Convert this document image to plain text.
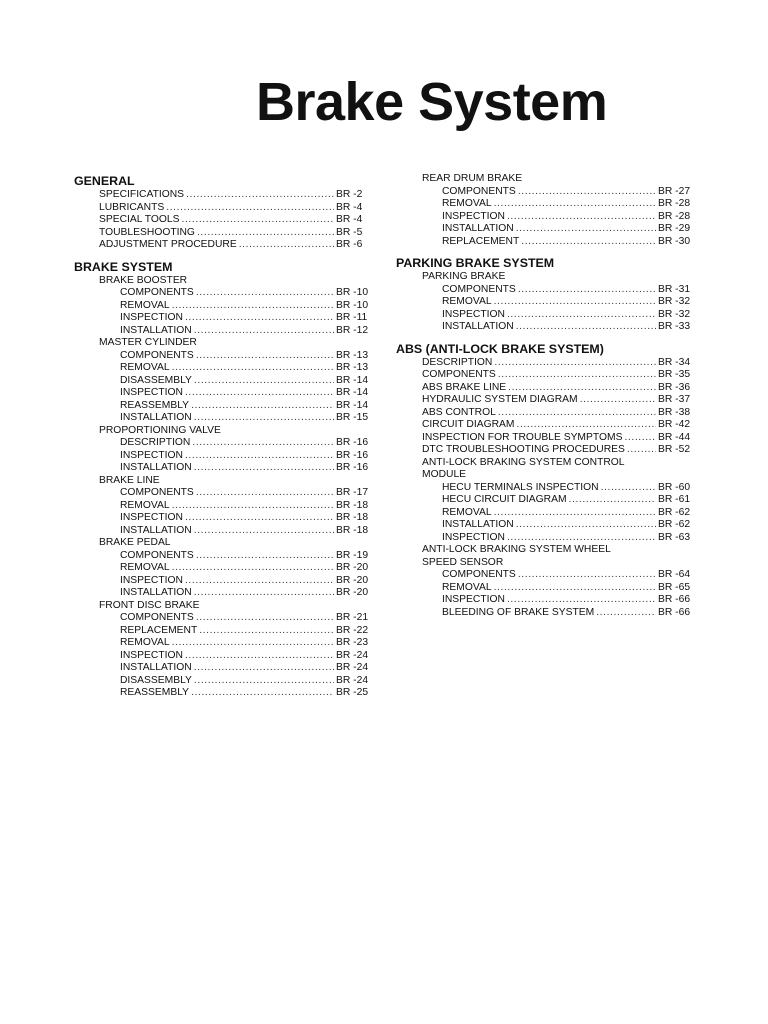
Brake System
GENERAL
SPECIFICATIONS .....	BR -2
LUBRICANTS .....	BR -4
SPECIAL TOOLS .....	BR -4
TOUBLESHOOTING .....	BR -5
ADJUSTMENT PROCEDURE .....	BR -6
BRAKE SYSTEM
BRAKE BOOSTER
COMPONENTS .....	BR -10
REMOVAL .....	BR -10
INSPECTION .....	BR -11
INSTALLATION .....	BR -12
MASTER CYLINDER
COMPONENTS .....	BR -13
REMOVAL .....	BR -13
DISASSEMBLY .....	BR -14
INSPECTION .....	BR -14
REASSEMBLY .....	BR -14
INSTALLATION .....	BR -15
PROPORTIONING VALVE
DESCRIPTION .....	BR -16
INSPECTION .....	BR -16
INSTALLATION .....	BR -16
BRAKE LINE
COMPONENTS .....	BR -17
REMOVAL .....	BR -18
INSPECTION .....	BR -18
INSTALLATION .....	BR -18
BRAKE PEDAL
COMPONENTS .....	BR -19
REMOVAL .....	BR -20
INSPECTION .....	BR -20
INSTALLATION .....	BR -20
FRONT DISC BRAKE
COMPONENTS .....	BR -21
REPLACEMENT .....	BR -22
REMOVAL .....	BR -23
INSPECTION .....	BR -24
INSTALLATION .....	BR -24
DISASSEMBLY .....	BR -24
REASSEMBLY .....	BR -25
REAR DRUM BRAKE
COMPONENTS .....	BR -27
REMOVAL .....	BR -28
INSPECTION .....	BR -28
INSTALLATION .....	BR -29
REPLACEMENT .....	BR -30
PARKING BRAKE SYSTEM
PARKING BRAKE
COMPONENTS .....	BR -31
REMOVAL .....	BR -32
INSPECTION .....	BR -32
INSTALLATION .....	BR -33
ABS (ANTI-LOCK BRAKE SYSTEM)
DESCRIPTION .....	BR -34
COMPONENTS .....	BR -35
ABS BRAKE LINE .....	BR -36
HYDRAULIC SYSTEM DIAGRAM .....	BR -37
ABS CONTROL .....	BR -38
CIRCUIT DIAGRAM .....	BR -42
INSPECTION FOR TROUBLE SYMPTOMS .....	BR -44
DTC TROUBLESHOOTING PROCEDURES .....	BR -52
ANTI-LOCK BRAKING SYSTEM CONTROL
MODULE
HECU TERMINALS INSPECTION .....	BR -60
HECU CIRCUIT DIAGRAM .....	BR -61
REMOVAL .....	BR -62
INSTALLATION .....	BR -62
INSPECTION .....	BR -63
ANTI-LOCK BRAKING SYSTEM WHEEL
SPEED SENSOR
COMPONENTS .....	BR -64
REMOVAL .....	BR -65
INSPECTION .....	BR -66
BLEEDING OF BRAKE SYSTEM .....	BR -66
